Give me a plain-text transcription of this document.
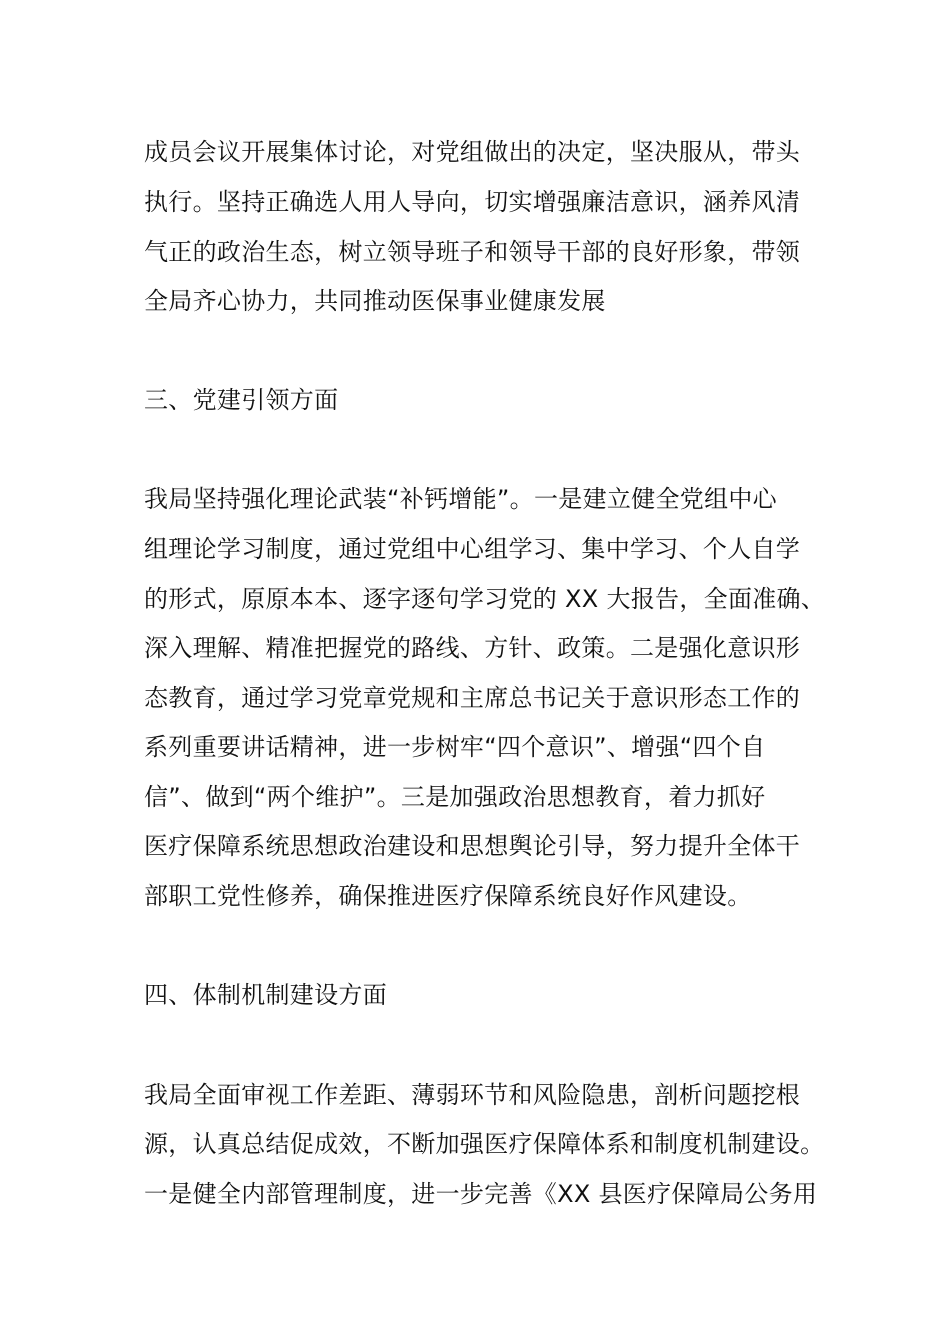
成员会议开展集体讨论，对党组做出的决定，坚决服从，带头
执行。坚持正确选人用人导向，切实增强廉洁意识，涵养风清
气正的政治生态，树立领导班子和领导干部的良好形象，带领
全局齐心协力，共同推动医保事业健康发展
三、党建引领方面
我局坚持强化理论武装“补钙增能”。一是建立健全党组中心
组理论学习制度，通过党组中心组学习、集中学习、个人自学
的形式，原原本本、逐字逐句学习党的 XX 大报告，全面准确、
深入理解、精准把握党的路线、方针、政策。二是强化意识形
态教育，通过学习党章党规和主席总书记关于意识形态工作的
系列重要讲话精神，进一步树牢“四个意识”、增强“四个自
信”、做到“两个维护”。三是加强政治思想教育，着力抓好
医疗保障系统思想政治建设和思想舆论引导，努力提升全体干
部职工党性修养，确保推进医疗保障系统良好作风建设。
四、体制机制建设方面
我局全面审视工作差距、薄弱环节和风险隐患，剖析问题挖根
源，认真总结促成效，不断加强医疗保障体系和制度机制建设。
一是健全内部管理制度，进一步完善《XX 县医疗保障局公务用
